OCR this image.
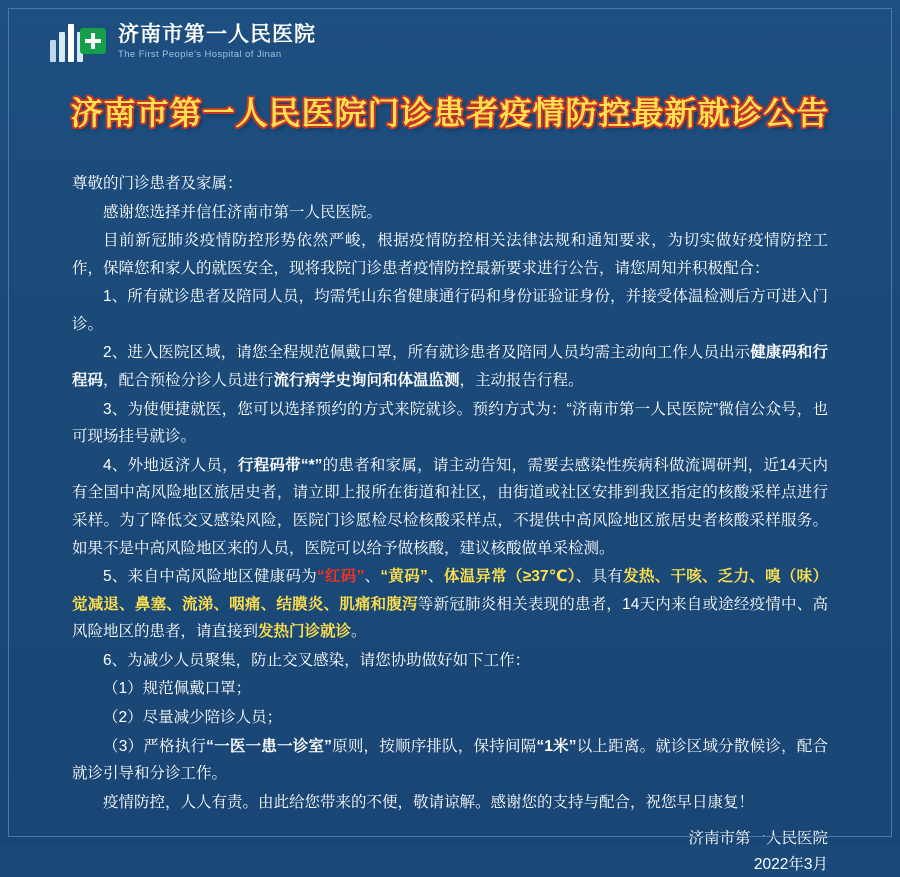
济南市第一人民医院
The First People's Hospital of Jinan
济南市第一人民医院门诊患者疫情防控最新就诊公告

尊敬的门诊患者及家属：

感谢您选择并信任济南市第一人民医院。

目前新冠肺炎疫情防控形势依然严峻，根据疫情防控相关法律法规和通知要求，为切实做好疫情防控工作，保障您和家人的就医安全，现将我院门诊患者疫情防控最新要求进行公告，请您周知并积极配合：

1、所有就诊患者及陪同人员，均需凭山东省健康通行码和身份证验证身份，并接受体温检测后方可进入门诊。

2、进入医院区域，请您全程规范佩戴口罩，所有就诊患者及陪同人员均需主动向工作人员出示健康码和行程码，配合预检分诊人员进行流行病学史询问和体温监测，主动报告行程。

3、为使便捷就医，您可以选择预约的方式来院就诊。预约方式为：“济南市第一人民医院”微信公众号，也可现场挂号就诊。

4、外地返济人员，行程码带“*”的患者和家属，请主动告知，需要去感染性疾病科做流调研判，近14天内有全国中高风险地区旅居史者，请立即上报所在街道和社区，由街道或社区安排到我区指定的核酸采样点进行采样。为了降低交叉感染风险，医院门诊愿检尽检核酸采样点，不提供中高风险地区旅居史者核酸采样服务。如果不是中高风险地区来的人员，医院可以给予做核酸，建议核酸做单采检测。

5、来自中高风险地区健康码为“红码”、“黄码”、体温异常（≥37℃）、具有发热、干咳、乏力、嗅（味）觉减退、鼻塞、流涕、咽痛、结膜炎、肌痛和腹泻等新冠肺炎相关表现的患者，14天内来自或途经疫情中、高风险地区的患者，请直接到发热门诊就诊。

6、为减少人员聚集，防止交叉感染，请您协助做好如下工作：

（1）规范佩戴口罩；

（2）尽量减少陪诊人员；

（3）严格执行“一医一患一诊室”原则，按顺序排队，保持间隔“1米”以上距离。就诊区域分散候诊，配合就诊引导和分诊工作。

疫情防控，人人有责。由此给您带来的不便，敬请谅解。感谢您的支持与配合，祝您早日康复！

济南市第一人民医院
2022年3月
